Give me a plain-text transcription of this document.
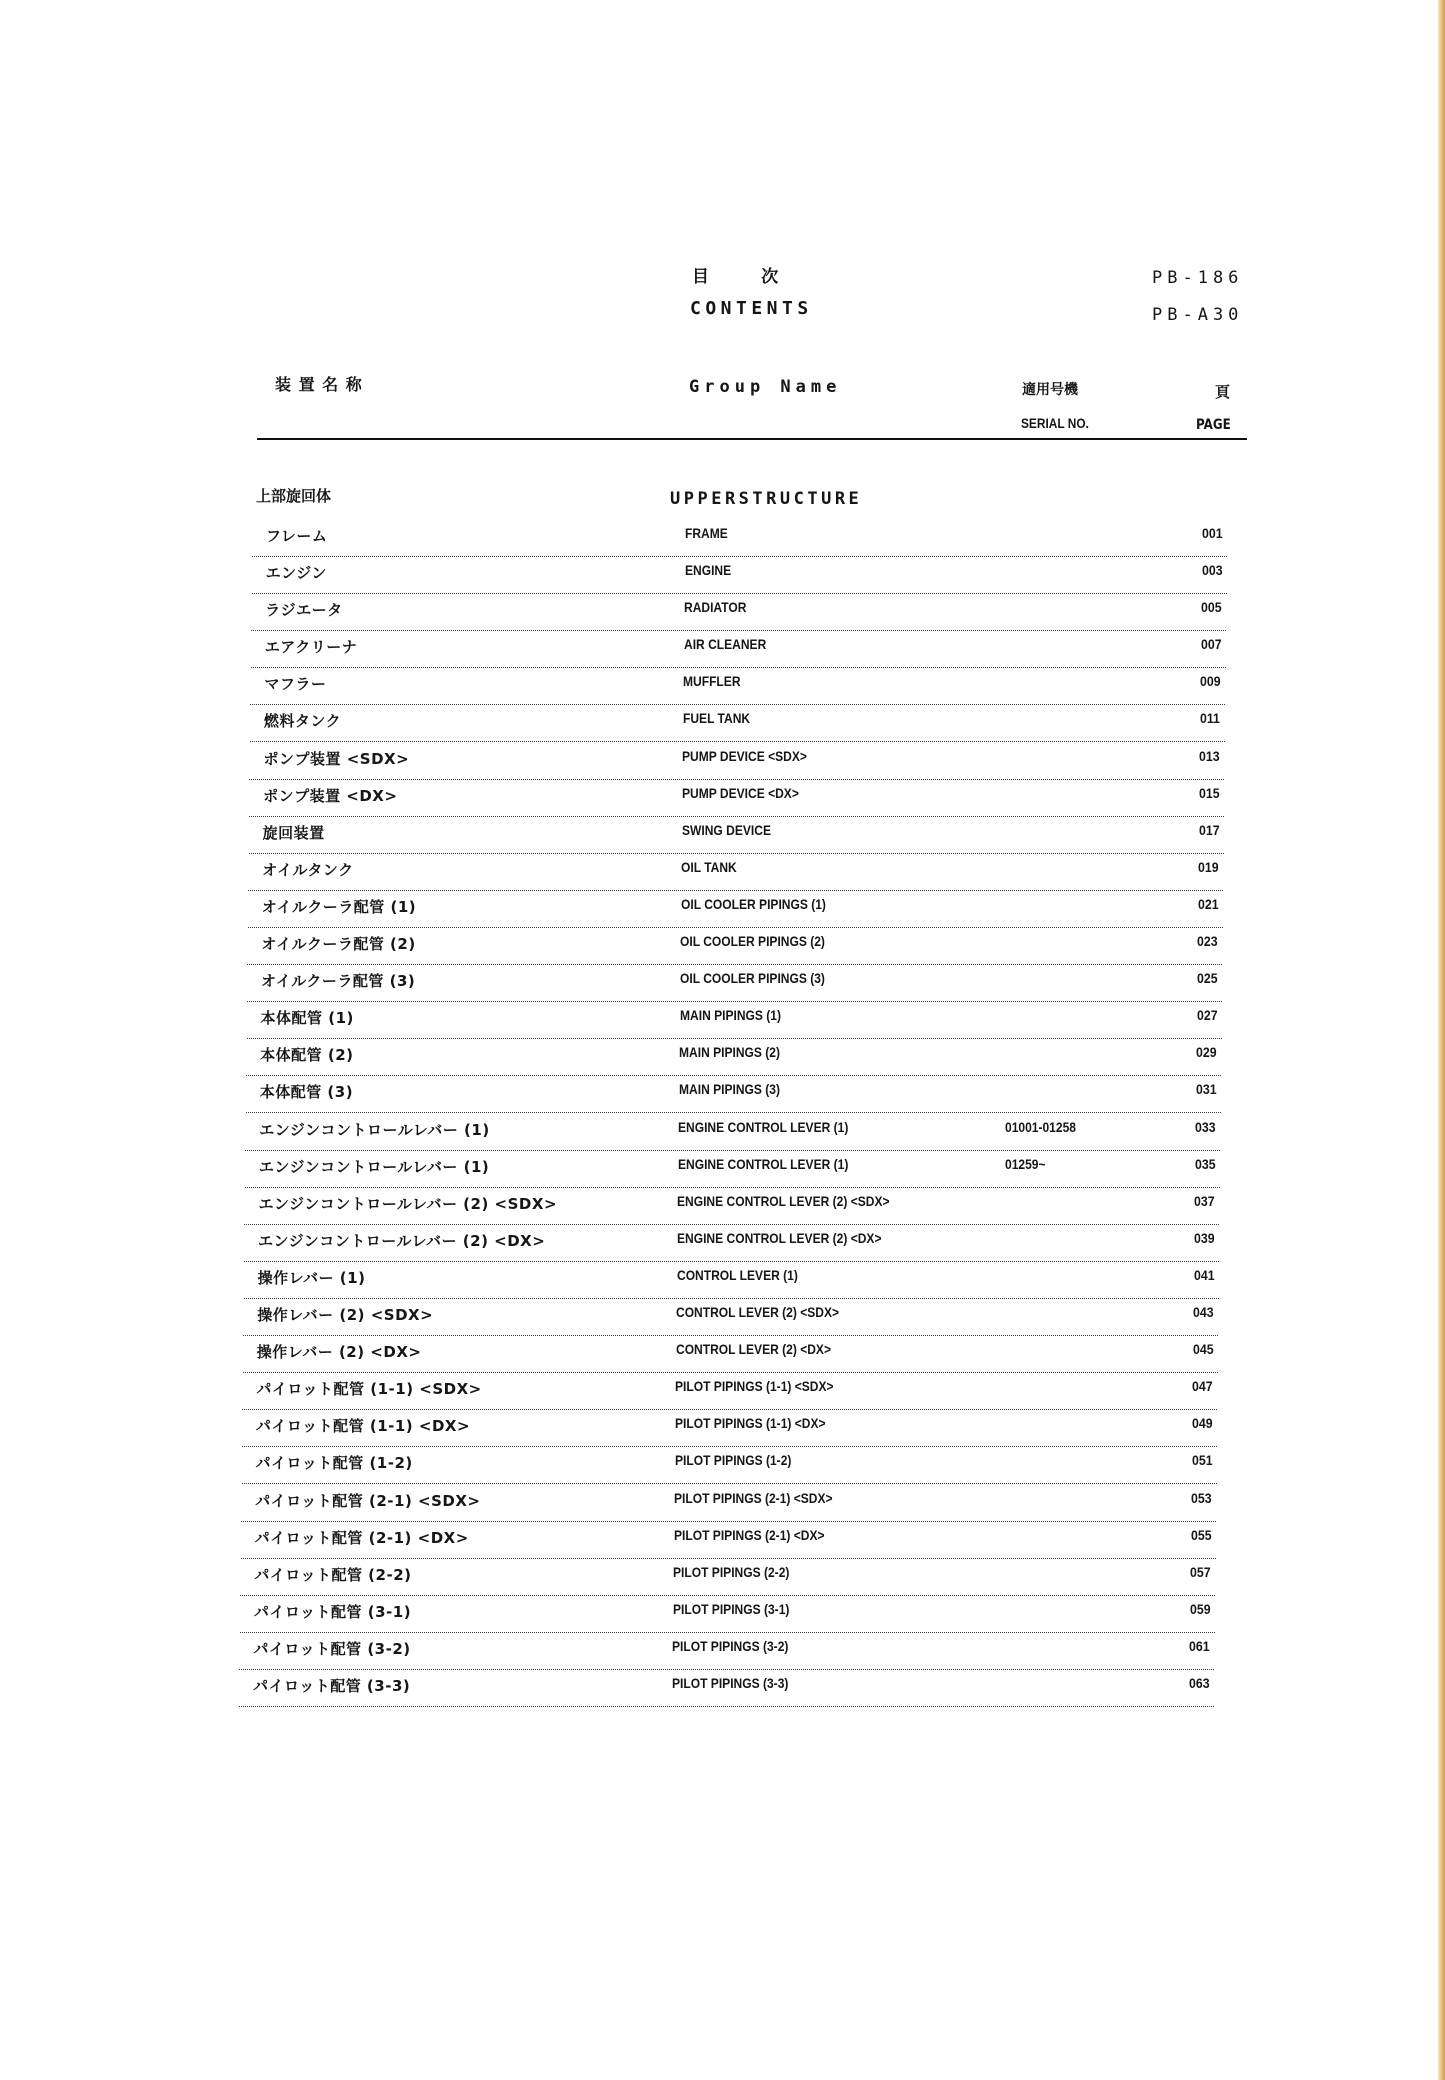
目　　　次
CONTENTS
PB-186
PB-A30
装 置 名 称	Group Name	適用号機
SERIAL NO.
頁
PAGE
上部旋回体	UPPERSTRUCTURE
フレーム	FRAME	001
エンジン	ENGINE	003
ラジエータ	RADIATOR	005
エアクリーナ	AIR CLEANER	007
マフラー	MUFFLER	009
燃料タンク	FUEL TANK	011
ポンプ装置 <SDX>	PUMP DEVICE <SDX>	013
ポンプ装置 <DX>	PUMP DEVICE <DX>	015
旋回装置	SWING DEVICE	017
オイルタンク	OIL TANK	019
オイルクーラ配管 (1)	OIL COOLER PIPINGS (1)	021
オイルクーラ配管 (2)	OIL COOLER PIPINGS (2)	023
オイルクーラ配管 (3)	OIL COOLER PIPINGS (3)	025
本体配管 (1)	MAIN PIPINGS (1)	027
本体配管 (2)	MAIN PIPINGS (2)	029
本体配管 (3)	MAIN PIPINGS (3)	031
エンジンコントロールレバー (1)	ENGINE CONTROL LEVER (1)	01001-01258	033
エンジンコントロールレバー (1)	ENGINE CONTROL LEVER (1)	01259~	035
エンジンコントロールレバー (2) <SDX>	ENGINE CONTROL LEVER (2) <SDX>	037
エンジンコントロールレバー (2) <DX>	ENGINE CONTROL LEVER (2) <DX>	039
操作レバー (1)	CONTROL LEVER (1)	041
操作レバー (2) <SDX>	CONTROL LEVER (2) <SDX>	043
操作レバー (2) <DX>	CONTROL LEVER (2) <DX>	045
パイロット配管 (1-1) <SDX>	PILOT PIPINGS (1-1) <SDX>	047
パイロット配管 (1-1) <DX>	PILOT PIPINGS (1-1) <DX>	049
パイロット配管 (1-2)	PILOT PIPINGS (1-2)	051
パイロット配管 (2-1) <SDX>	PILOT PIPINGS (2-1) <SDX>	053
パイロット配管 (2-1) <DX>	PILOT PIPINGS (2-1) <DX>	055
パイロット配管 (2-2)	PILOT PIPINGS (2-2)	057
パイロット配管 (3-1)	PILOT PIPINGS (3-1)	059
パイロット配管 (3-2)	PILOT PIPINGS (3-2)	061
パイロット配管 (3-3)	PILOT PIPINGS (3-3)	063
